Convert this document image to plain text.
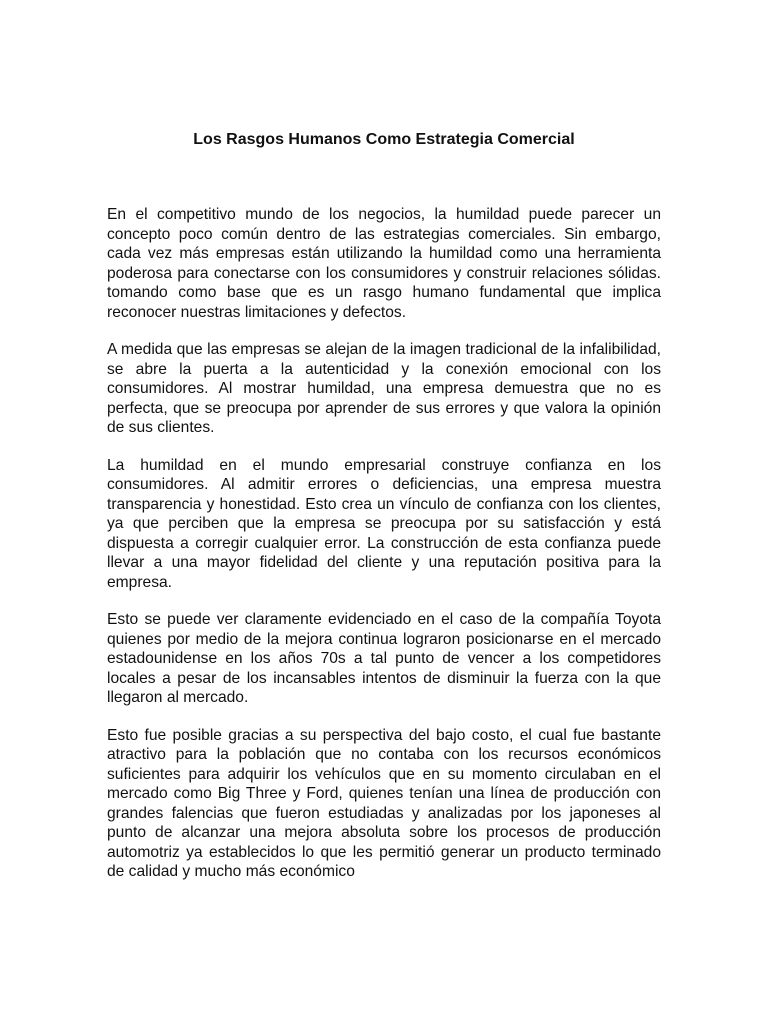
Los Rasgos Humanos Como Estrategia Comercial

En el competitivo mundo de los negocios, la humildad puede parecer un concepto poco común dentro de las estrategias comerciales. Sin embargo, cada vez más empresas están utilizando la humildad como una herramienta poderosa para conectarse con los consumidores y construir relaciones sólidas. tomando como base que es un rasgo humano fundamental que implica reconocer nuestras limitaciones y defectos.

A medida que las empresas se alejan de la imagen tradicional de la infalibilidad, se abre la puerta a la autenticidad y la conexión emocional con los consumidores. Al mostrar humildad, una empresa demuestra que no es perfecta, que se preocupa por aprender de sus errores y que valora la opinión de sus clientes.

La humildad en el mundo empresarial construye confianza en los consumidores. Al admitir errores o deficiencias, una empresa muestra transparencia y honestidad. Esto crea un vínculo de confianza con los clientes, ya que perciben que la empresa se preocupa por su satisfacción y está dispuesta a corregir cualquier error. La construcción de esta confianza puede llevar a una mayor fidelidad del cliente y una reputación positiva para la empresa.

Esto se puede ver claramente evidenciado en el caso de la compañía Toyota quienes por medio de la mejora continua lograron posicionarse en el mercado estadounidense en los años 70s a tal punto de vencer a los competidores locales a pesar de los incansables intentos de disminuir la fuerza con la que llegaron al mercado.

Esto fue posible gracias a su perspectiva del bajo costo, el cual fue bastante atractivo para la población que no contaba con los recursos económicos suficientes para adquirir los vehículos que en su momento circulaban en el mercado como Big Three y Ford, quienes tenían una línea de producción con grandes falencias que fueron estudiadas y analizadas por los japoneses al punto de alcanzar una mejora absoluta sobre los procesos de producción automotriz ya establecidos lo que les permitió generar un producto terminado de calidad y mucho más económico
